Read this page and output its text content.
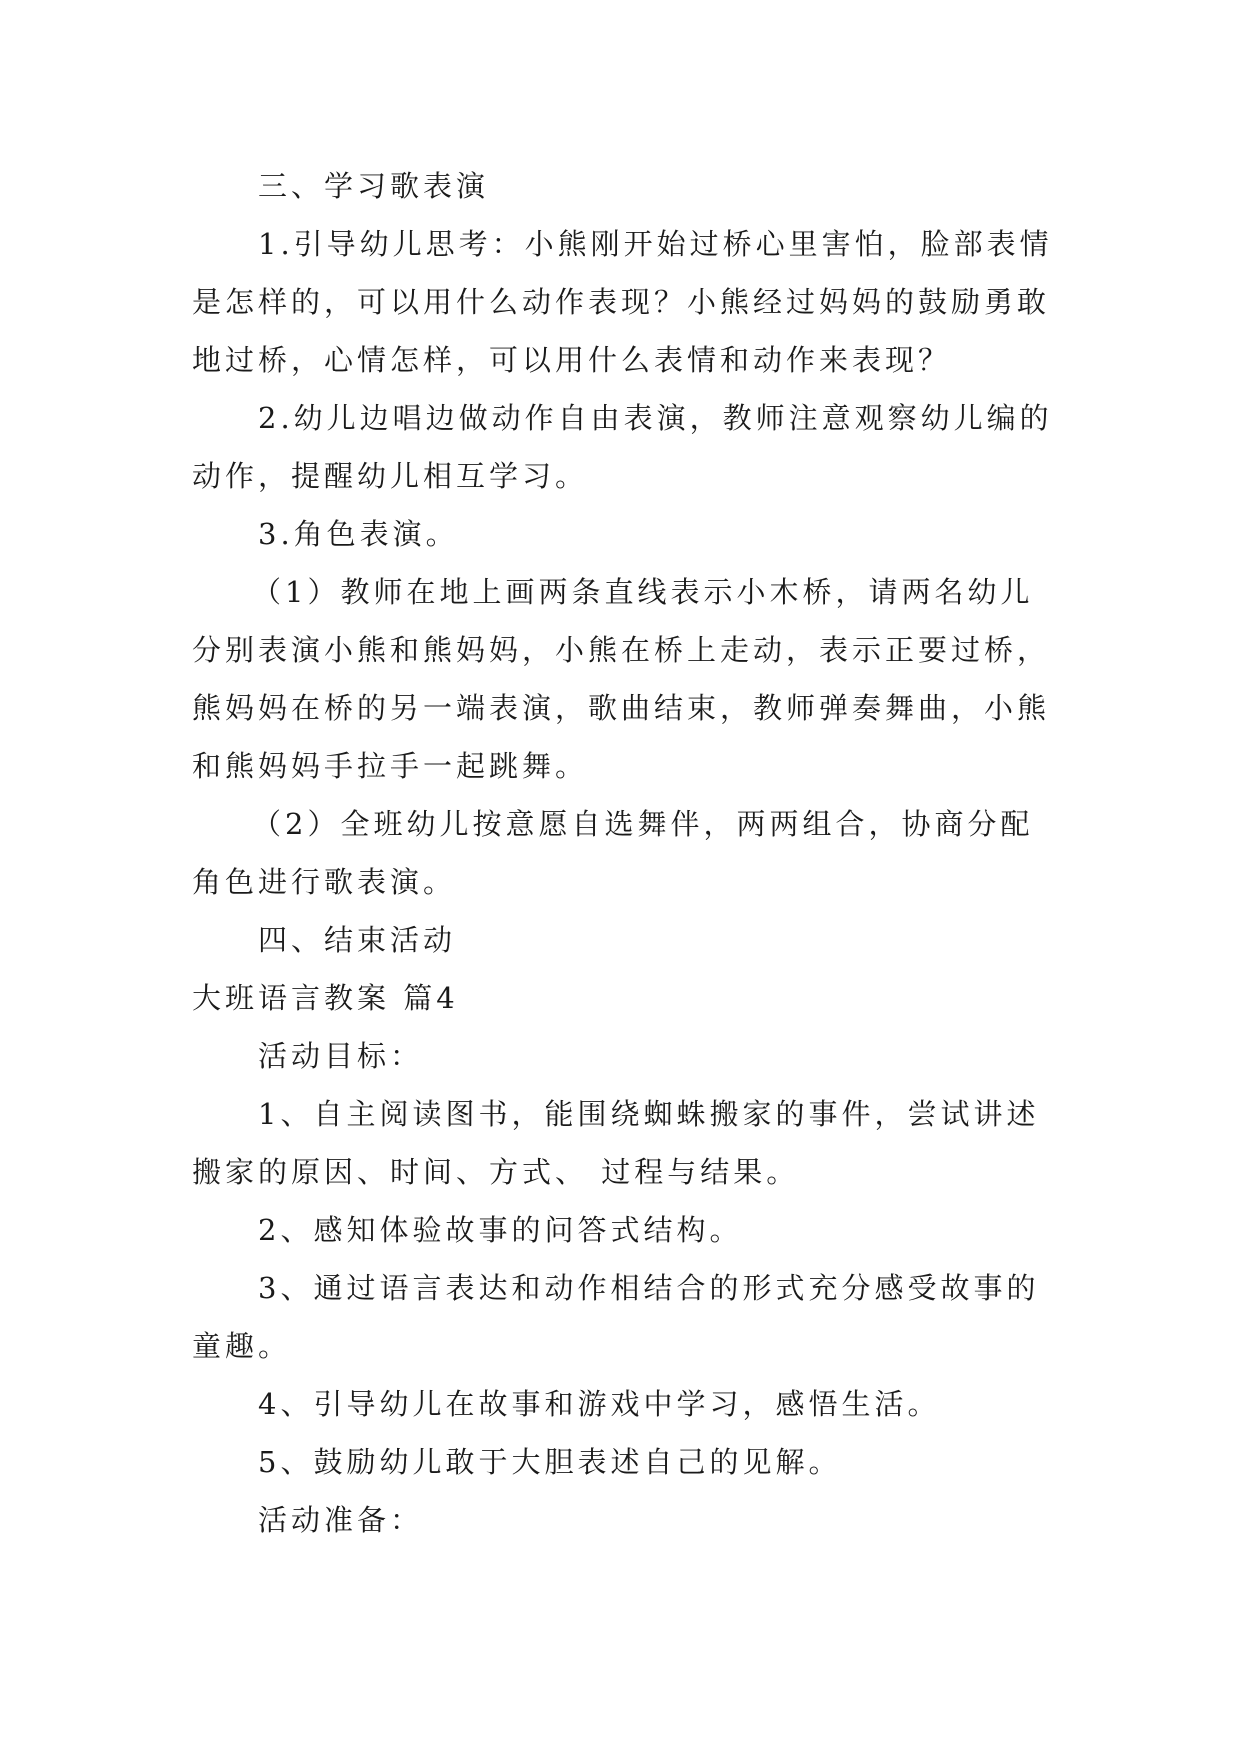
三、学习歌表演
1.引导幼儿思考：小熊刚开始过桥心里害怕，脸部表情
是怎样的，可以用什么动作表现？小熊经过妈妈的鼓励勇敢
地过桥，心情怎样，可以用什么表情和动作来表现？
2.幼儿边唱边做动作自由表演，教师注意观察幼儿编的
动作，提醒幼儿相互学习。
3.角色表演。
（1）教师在地上画两条直线表示小木桥，请两名幼儿
分别表演小熊和熊妈妈，小熊在桥上走动，表示正要过桥，
熊妈妈在桥的另一端表演，歌曲结束，教师弹奏舞曲，小熊
和熊妈妈手拉手一起跳舞。
（2）全班幼儿按意愿自选舞伴，两两组合，协商分配
角色进行歌表演。
四、结束活动
大班语言教案 篇4
活动目标：
1、自主阅读图书，能围绕蜘蛛搬家的事件，尝试讲述
搬家的原因、时间、方式、 过程与结果。
2、感知体验故事的问答式结构。
3、通过语言表达和动作相结合的形式充分感受故事的
童趣。
4、引导幼儿在故事和游戏中学习，感悟生活。
5、鼓励幼儿敢于大胆表述自己的见解。
活动准备：
